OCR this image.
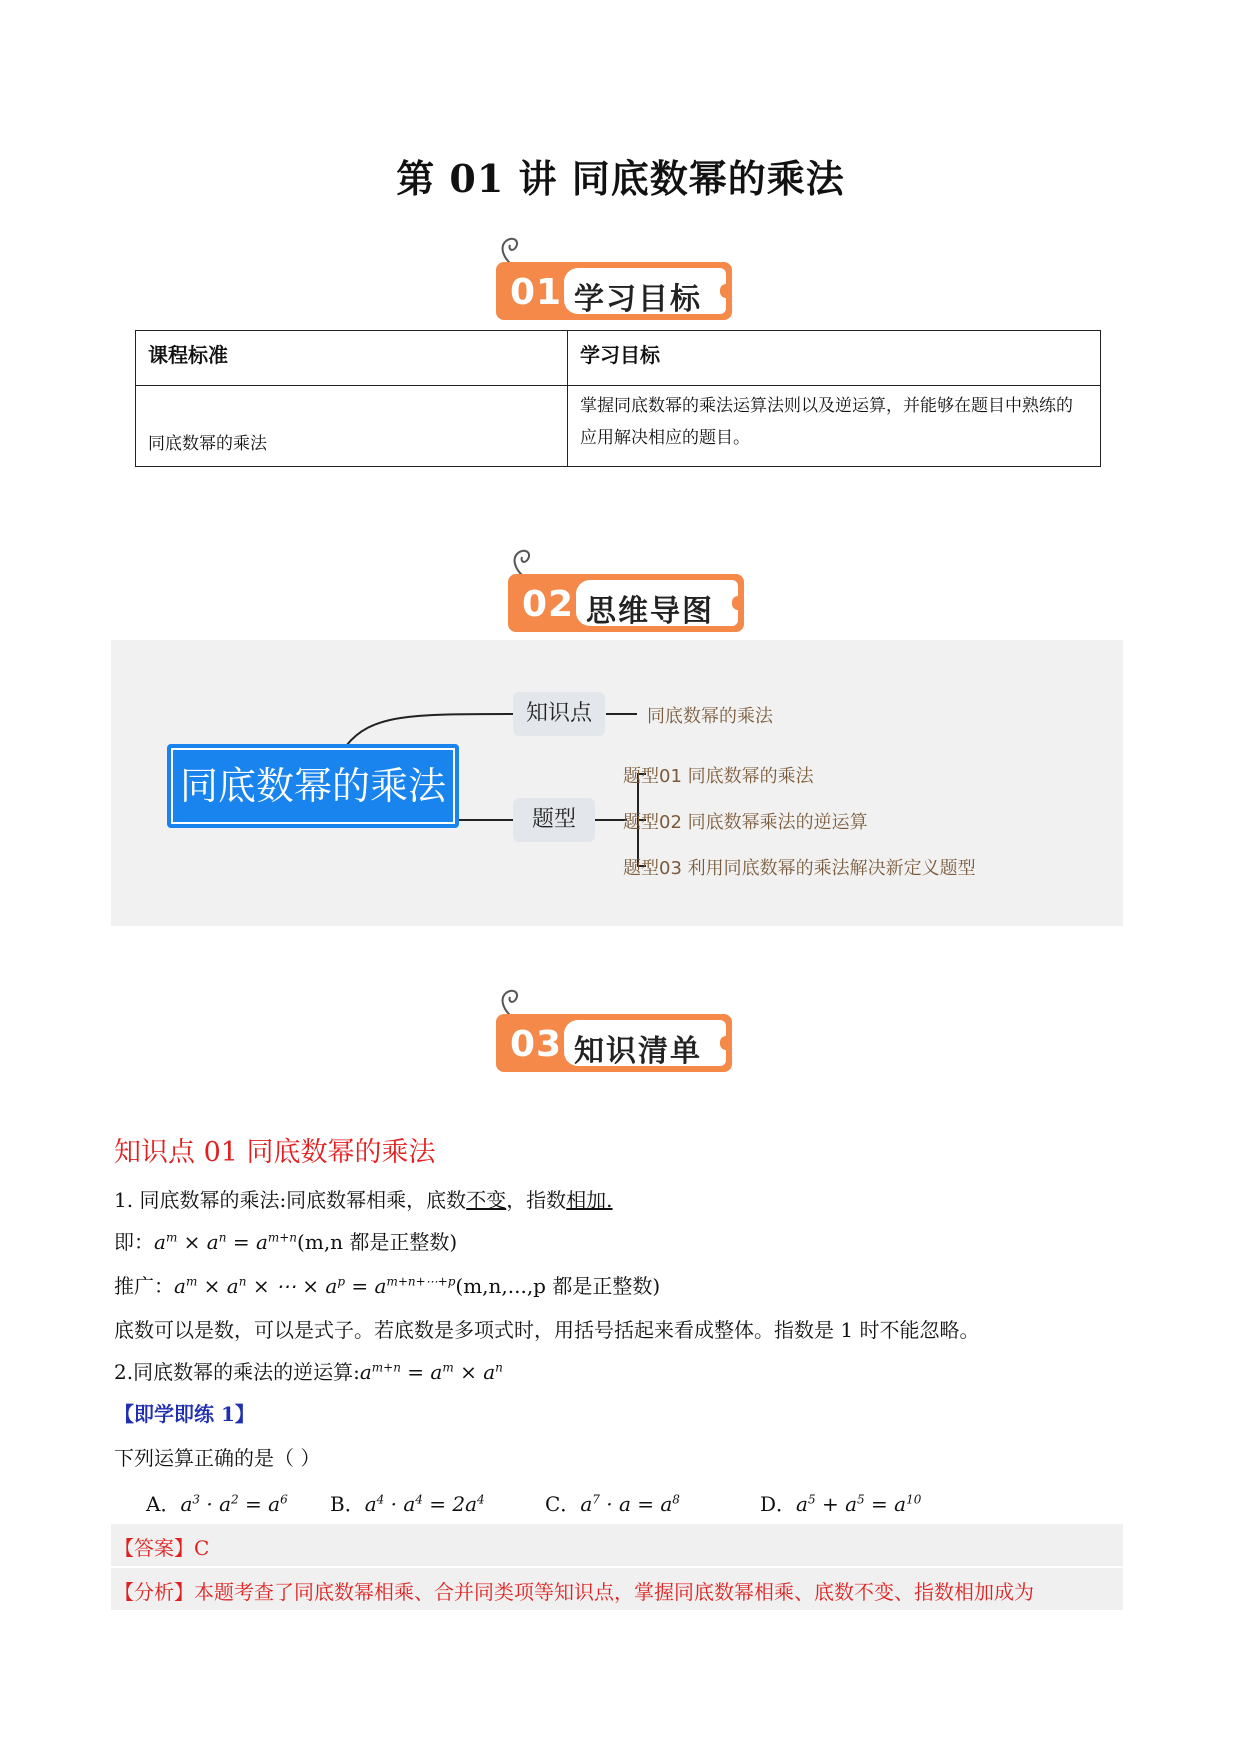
第 01 讲 同底数幂的乘法
01 学习目标
课程标准	学习目标
同底数幂的乘法	掌握同底数幂的乘法运算法则以及逆运算，并能够在题目中熟练的应用解决相应的题目。
02 思维导图
同底数幂的乘法
知识点
题型
同底数幂的乘法
题型01 同底数幂的乘法
题型02 同底数幂乘法的逆运算
题型03 利用同底数幂的乘法解决新定义题型
03 知识清单
知识点 01 同底数幂的乘法
1. 同底数幂的乘法:同底数幂相乘，底数不变，指数相加.
即：$a^m \times a^n = a^{m+n}(m,n$ 都是正整数)
推广：$a^m \times a^n$ × ⋯ × $a^p = a^{m+n+\cdots+p}(m,n,...,p$ 都是正整数)
底数可以是数，可以是式子。若底数是多项式时，用括号括起来看成整体。指数是 1 时不能忽略。
2.同底数幂的乘法的逆运算$:a^{m+n} = a^m \times a^n$
【即学即练 1】
下列运算正确的是（ ）
A．$a^3 \cdot a^2 = a^6$ B．$a^4 \cdot a^4 = 2a^4$	C．$a^7 \cdot a = a^8$	D．$a^5 + a^5 = a^{10}$
【答案】C
【分析】本题考查了同底数幂相乘、合并同类项等知识点，掌握同底数幂相乘、底数不变、指数相加成为
